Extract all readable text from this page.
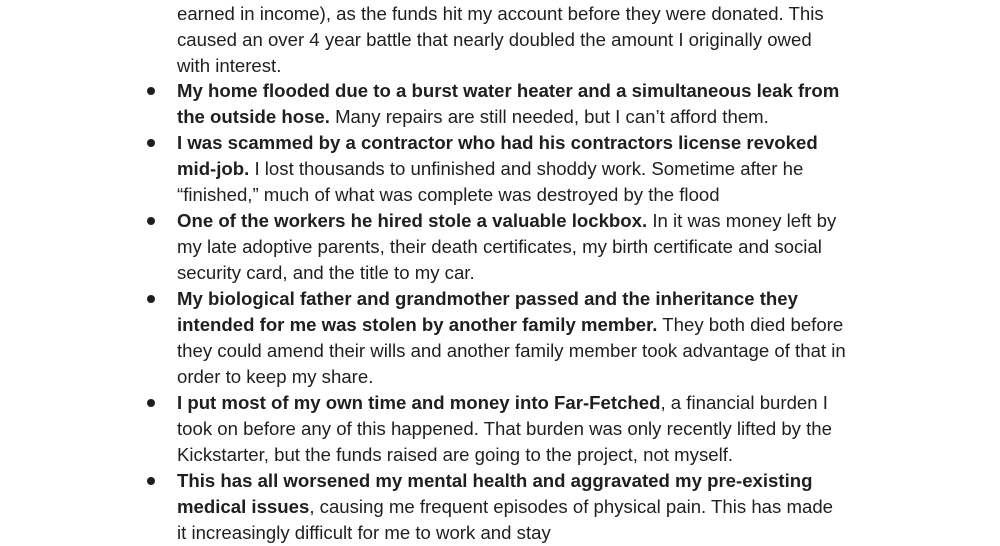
earned in income), as the funds hit my account before they were donated. This
caused an over 4 year battle that nearly doubled the amount I originally owed
with interest.
My home flooded due to a burst water heater and a simultaneous leak from
the outside hose. Many repairs are still needed, but I can’t afford them.
I was scammed by a contractor who had his contractors license revoked
mid-job. I lost thousands to unfinished and shoddy work. Sometime after he
“finished,” much of what was complete was destroyed by the flood
One of the workers he hired stole a valuable lockbox. In it was money left by
my late adoptive parents, their death certificates, my birth certificate and social
security card, and the title to my car.
My biological father and grandmother passed and the inheritance they
intended for me was stolen by another family member. They both died before
they could amend their wills and another family member took advantage of that in
order to keep my share.
I put most of my own time and money into Far-Fetched, a financial burden I
took on before any of this happened. That burden was only recently lifted by the
Kickstarter, but the funds raised are going to the project, not myself.
This has all worsened my mental health and aggravated my pre-existing
medical issues, causing me frequent episodes of physical pain. This has made
it increasingly difficult for me to work and stay
